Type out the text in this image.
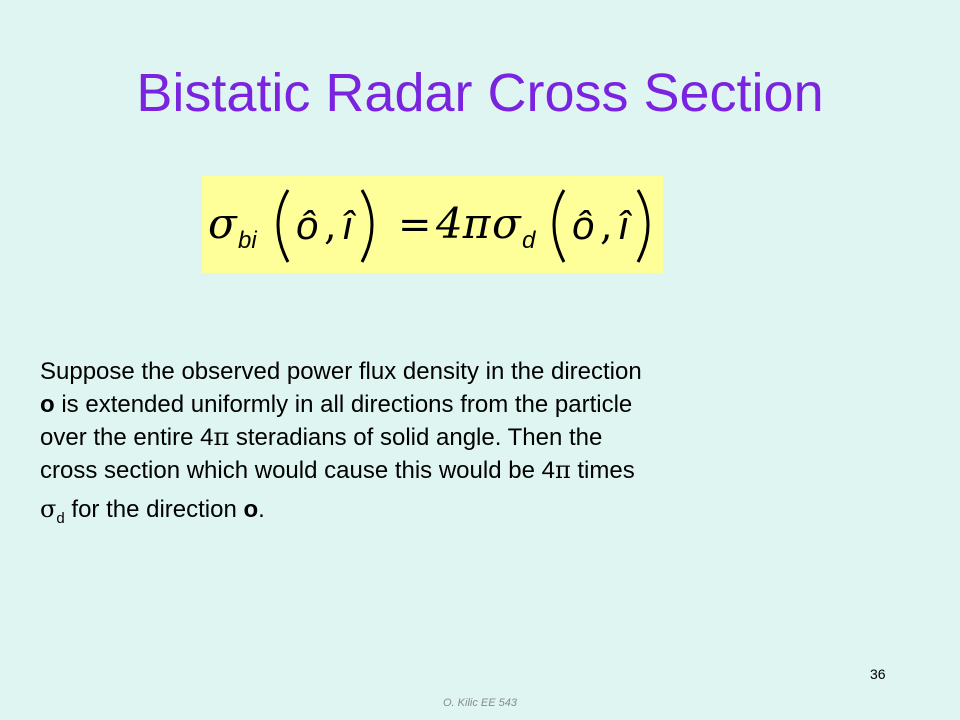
Bistatic Radar Cross Section
σ bi ô , î = 4π σ d ô , î

Suppose the observed power flux density in the direction
o is extended uniformly in all directions from the particle
over the entire 4π steradians of solid angle. Then the
cross section which would cause this would be 4π times
$\sigma_d$ for the direction o.

36
O. Kilic EE 543
